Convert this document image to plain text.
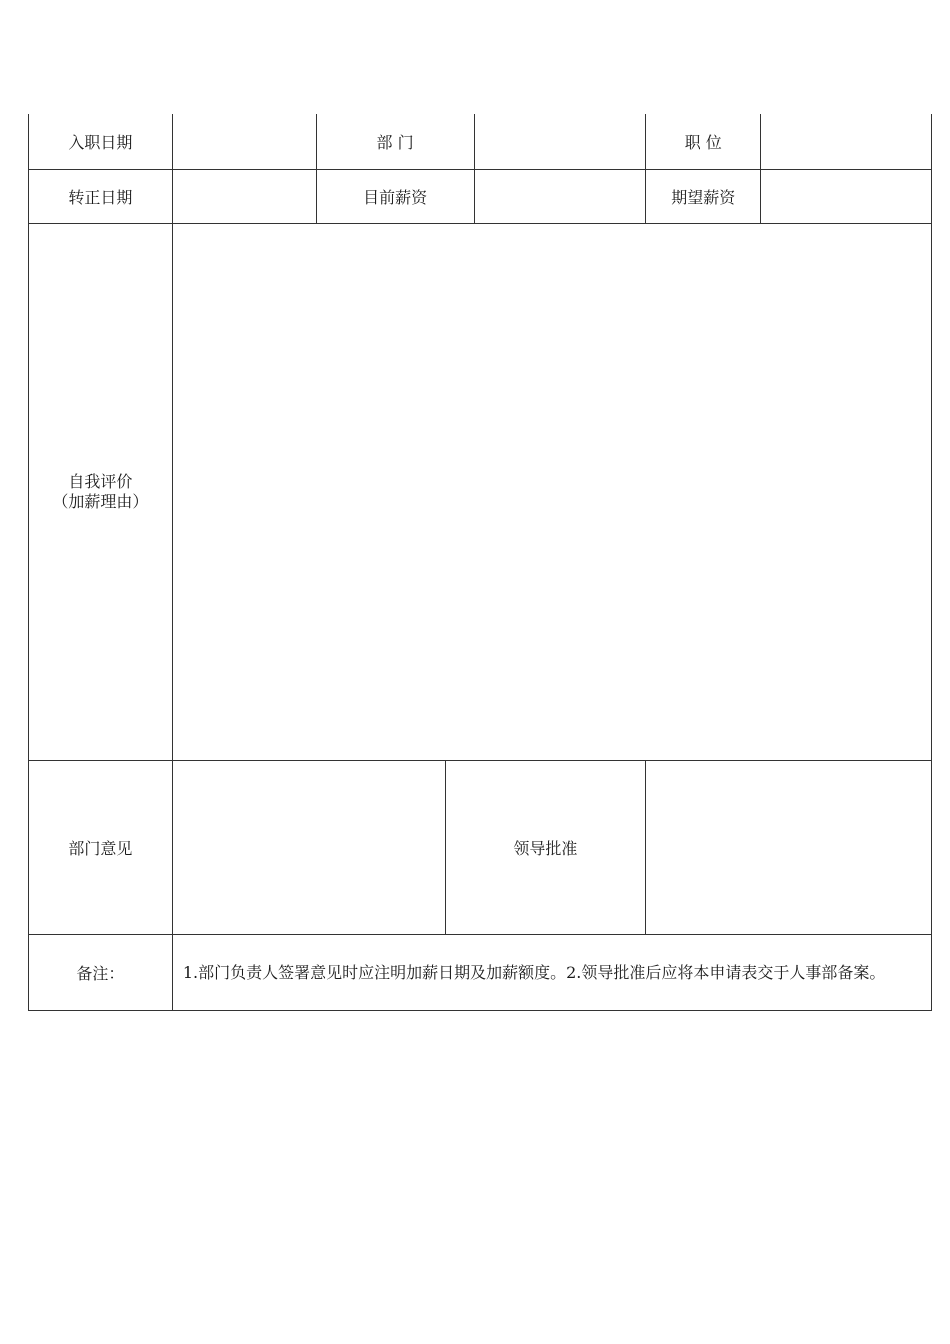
入职日期	部 门	职 位
转正日期	目前薪资	期望薪资
自我评价
（加薪理由）
部门意见	领导批准
备注：	1.部门负责人签署意见时应注明加薪日期及加薪额度。2.领导批准后应将本申请表交于人事部备案。
